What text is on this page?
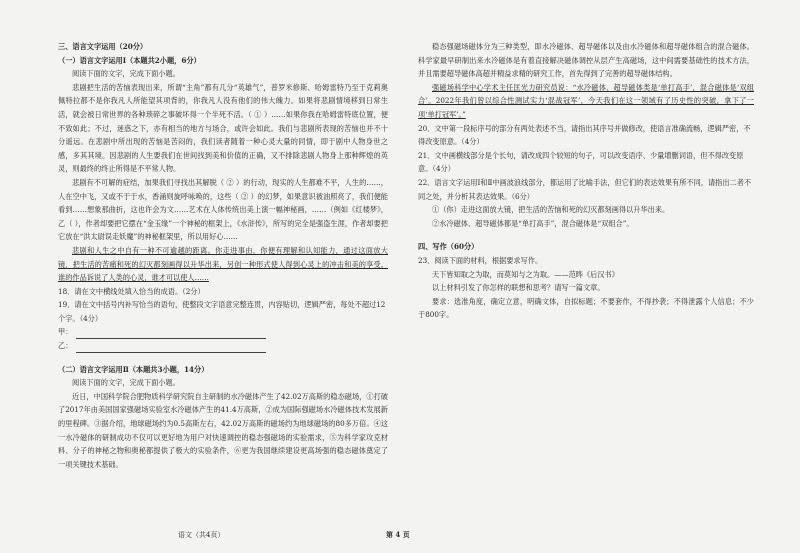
三、语言文字运用（20分）

（一）语言文字运用Ⅰ（本题共2小题，6分）

阅读下面的文字，完成下面小题。

悲剧把生活的苦恼表现出来，所谓“主角”都有几分“英雄气”，普罗米修斯、哈姆雷特乃至于克莉奥佩特拉都不是你我凡人所能望其项背的，你我凡人没有他们的伟大魄力。如果将悲剧情境移到日常生活，就会被日常世界的各种琐碎之事破坏得一个半死不活。（ ① ）……如果你我在哈姆雷特底位置，便不致如此；不过，迷惑之下，亦有相当的地方与场合，或许会如此。我们与悲剧所表现的苦恼也并不十分遥远。在悲剧中所出现的苦恼是苦闷的，我们读者随着一种心灵大量的同情，即于剧中人物身世之感，多其其境。因悲剧的人生要我们在世间找到美和价值的正确，又不排除悲剧人物身上那种辉煌的英灵，则最终的终止所得是不平常人物。

悲剧有不可解的症结，加果我们寻找出其解脱（ ② ）的行动，现实的人生都难不平，人生的……，人在空中飞，又或不于于水，香涌则旋呼咏唤的，这些（ ② ）的幻梦，如果意识被油照亮了，我们便能看到……想象那曲折，这也许会为文……艺术在人体传统出美上演一幅神秘画，……（例如《红楼梦》，乙（ ），作者却要把它摆在“金玉缘”一个神秘的框架上，《水浒传》，所写的完全是强盗生涯，作者却要把它放在“洪太尉误走妖魔”的神秘框架里，所以用好心……

悲剧和人生之中自有一种不可逾越的距离。你走进事由，你便有理解和认知能力，通过这面放大镜，把生活的苦痛和死的幻灭都刻画得以升华出来，另创一种形式使人得到心灵上的冲击和美的享受。谁的作品诉说了人类的心灵，谁才可以使人……

18．请在文中横线处填入恰当的成语。（2分）

19．请在文中括号内补写恰当的语句，使整段文字语意完整连贯，内容贴切，逻辑严密，每处不超过12个字。（4分）

甲：

乙：

（二）语言文字运用Ⅱ（本题共3小题，14分）

阅读下面的文字，完成下面小题。

近日，中国科学院合肥物质科学研究院自主研制的水冷磁体产生了42.02万高斯的稳态磁场，①打破了2017年由美国国家强磁场实验室水冷磁体产生的41.4万高斯，②成为国际强磁场水冷磁体技术发展新的里程碑。③据介绍，地球磁场约为0.5高斯左右，42.02万高斯的磁场约为地球磁场的80多万倍。④这一水冷磁体的研制成功不仅可以更好地为用户对快速调控的稳态强磁场的实验需求，⑤为科学家攻克材料、分子的神秘之物和奥秘都提供了极大的实验条件，⑥更为我国继续建设更高场强的稳态磁体奠定了一项关键技术基础。

稳态强磁场磁体分为三种类型，即水冷磁体、超导磁体以及由水冷磁体和超导磁体组合的混合磁体。科学家最早研制出来水冷磁体是有着直接解决磁体调控从层产生高磁场，这中间需要基础性的技术方法，并且需要超导磁体高超并精益求精的研究工作，首先得到了完善的超导磁体结构。

强磁场科学中心学术主任匡光力研究员说：“水冷磁体、超导磁体类是‘单打高手’，混合磁体是‘双组合’。2022年我们曾以综合性测试实力‘混战冠军’，今天我们在这一领域有了历史性的突破，拿下了一项‘单打冠军’。”

20．文中第一段标序号的部分有两处表述不当，请指出其序号并做修改，使语言准确流畅，逻辑严密，不得改变原意。（4分）

21．文中画横线部分是个长句，请改成四个较短的句子，可以改变语序、少量增删词语，但不得改变原意。（4分）

22．语言文字运用Ⅰ和Ⅱ中画波浪线部分，都运用了比喻手法，但它们的表达效果有所不同，请指出二者不同之处，并分析其表达效果。（6分）

①（你）走进这面放大镜，把生活的苦恼和死的幻灭都刻画得以升华出来。

②水冷磁体、超导磁体都是“单打高手”，混合磁体是“双组合”。

四、写作（60分）

23．阅读下面的材料，根据要求写作。

天下皆知取之为取，而莫知与之为取。——范晔《后汉书》

以上材料引发了你怎样的联想和思考？请写一篇文章。

要求：选准角度，确定立意，明确文体，自拟标题；不要套作，不得抄袭；不得泄露个人信息；不少于800字。

语文（共4页）	第 4 页
